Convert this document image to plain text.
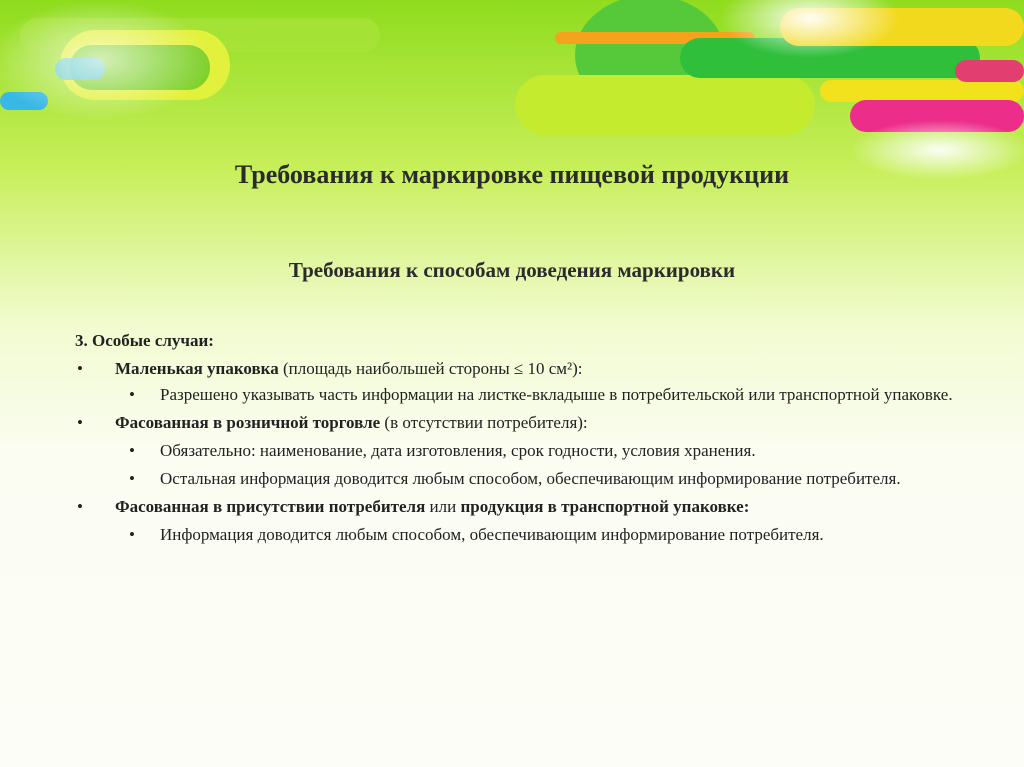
Требования к маркировке пищевой продукции
Требования к способам доведения маркировки
3. Особые случаи:
• Маленькая упаковка (площадь наибольшей стороны ≤ 10 см²):
• Разрешено указывать часть информации на листке-вкладыше в потребительской или транспортной упаковке.
• Фасованная в розничной торговле (в отсутствии потребителя):
• Обязательно: наименование, дата изготовления, срок годности, условия хранения.
• Остальная информация доводится любым способом, обеспечивающим информирование потребителя.
• Фасованная в присутствии потребителя или продукция в транспортной упаковке:
• Информация доводится любым способом, обеспечивающим информирование потребителя.
